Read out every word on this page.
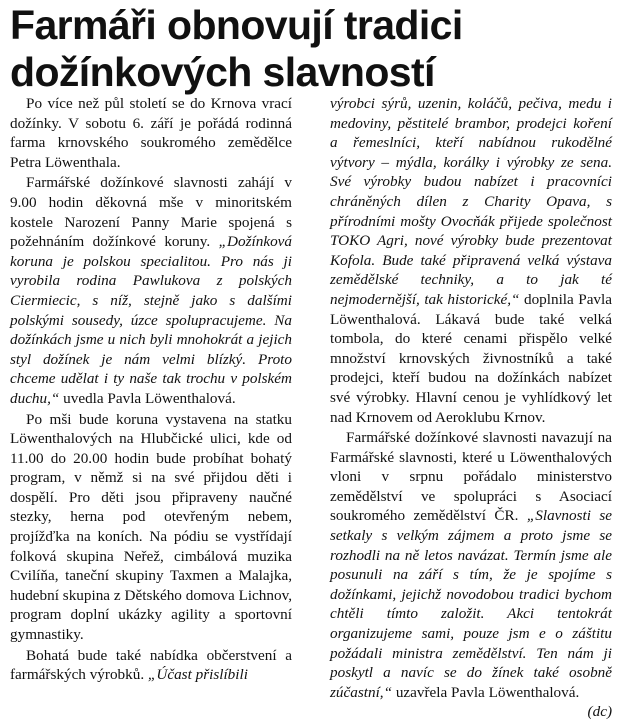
Farmáři obnovují tradici
dožínkových slavností

Po více než půl století se do Krnova vrací dožínky. V sobotu 6. září je pořádá rodinná farma krnovského soukromého zemědělce Petra Löwenthala.

Farmářské dožínkové slavnosti zahájí v 9.00 hodin děkovná mše v minoritském kostele Narození Panny Marie spojená s požehnáním dožínkové koruny. „Dožínková koruna je polskou specialitou. Pro nás ji vyrobila rodina Pawlukova z polských Ciermiecic, s níž, stejně jako s dalšími polskými sousedy, úzce spolupracujeme. Na dožínkách jsme u nich byli mnohokrát a jejich styl dožínek je nám velmi blízký. Proto chceme udělat i ty naše tak trochu v polském duchu,“ uvedla Pavla Löwenthalová.

Po mši bude koruna vystavena na statku Löwenthalových na Hlubčické ulici, kde od 11.00 do 20.00 hodin bude probíhat bohatý program, v němž si na své přijdou děti i dospělí. Pro děti jsou připraveny naučné stezky, herna pod otevřeným nebem, projížďka na koních. Na pódiu se vystřídají folková skupina Neřež, cimbálová muzika Cvilíňa, taneční skupiny Taxmen a Malajka, hudební skupina z Dětského domova Lichnov, program doplní ukázky agility a sportovní gymnastiky.

Bohatá bude také nabídka občerstvení a farmářských výrobků. „Účast přislíbili

výrobci sýrů, uzenin, koláčů, pečiva, medu i medoviny, pěstitelé brambor, prodejci koření a řemeslníci, kteří nabídnou rukodělné výtvory – mýdla, korálky i výrobky ze sena. Své výrobky budou nabízet i pracovníci chráněných dílen z Charity Opava, s přírodními mošty Ovocňák přijede společnost TOKO Agri, nové výrobky bude prezentovat Kofola. Bude také připravená velká výstava zemědělské techniky, a to jak té nejmodernější, tak historické,“ doplnila Pavla Löwenthalová. Lákavá bude také velká tombola, do které cenami přispělo velké množství krnovských živnostníků a také prodejci, kteří budou na dožínkách nabízet své výrobky. Hlavní cenou je vyhlídkový let nad Krnovem od Aeroklubu Krnov.

Farmářské dožínkové slavnosti navazují na Farmářské slavnosti, které u Löwenthalových vloni v srpnu pořádalo ministerstvo zemědělství ve spolupráci s Asociací soukromého zemědělství ČR. „Slavnosti se setkaly s velkým zájmem a proto jsme se rozhodli na ně letos navázat. Termín jsme ale posunuli na září s tím, že je spojíme s dožínkami, jejichž novodobou tradici bychom chtěli tímto založit. Akci tentokrát organizujeme sami, pouze jsm e o záštitu požádali ministra zemědělství. Ten nám ji poskytl a navíc se do žínek také osobně zúčastní,“ uzavřela Pavla Löwenthalová.
(dc)
